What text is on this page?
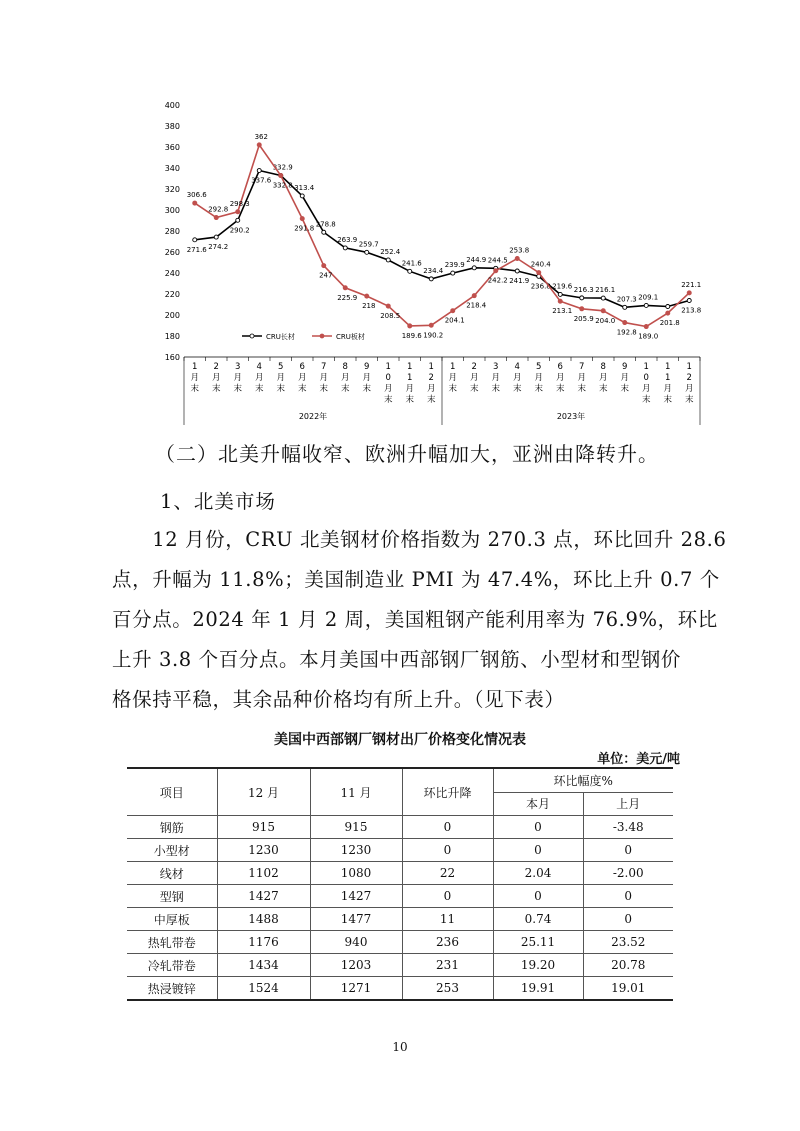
160
180
200
220
240
260
280
300
320
340
360
380
400
1
月
末
2
月
末
3
月
末
4
月
末
5
月
末
6
月
末
7
月
末
8
月
末
9
月
末
1
0
月
末
1
1
月
末
1
2
月
末
1
月
末
2
月
末
3
月
末
4
月
末
5
月
末
6
月
末
7
月
末
8
月
末
9
月
末
1
0
月
末
1
1
月
末
1
2
月
末
2022年	2023年
271.6 274.2
290.2
337.6
332.9
313.4
278.8
263.9
259.7
252.4
241.6
234.4
239.9
244.9 244.5
241.9
236.8 219.6 216.3 216.1
207.3 209.1
213.8
306.6
292.8
298.3
362
332.8
291.8
247
225.9
218
208.5
189.6 190.2
204.1
218.4
242.2
253.8
240.4
213.1
205.9 204.0
192.8 189.0
201.8
221.1
CRU长材	CRU板材
（二）北美升幅收窄、欧洲升幅加大，亚洲由降转升。
1、北美市场
　　12 月份，CRU 北美钢材价格指数为 270.3 点，环比回升 28.6
点，升幅为 11.8%；美国制造业 PMI 为 47.4%，环比上升 0.7 个
百分点。2024 年 1 月 2 周，美国粗钢产能利用率为 76.9%，环比
上升 3.8 个百分点。本月美国中西部钢厂钢筋、小型材和型钢价
格保持平稳，其余品种价格均有所上升。（见下表）
美国中西部钢厂钢材出厂价格变化情况表
单位：美元/吨
项目	12 月	11 月	环比升降	环比幅度%	
				本月	上月
钢筋	915	915	0	0	-3.48
小型材	1230	1230	0	0	0
线材	1102	1080	22	2.04	-2.00
型钢	1427	1427	0	0	0
中厚板	1488	1477	11	0.74	0
热轧带卷	1176	940	236	25.11	23.52
冷轧带卷	1434	1203	231	19.20	20.78
热浸镀锌	1524	1271	253	19.91	19.01
10
